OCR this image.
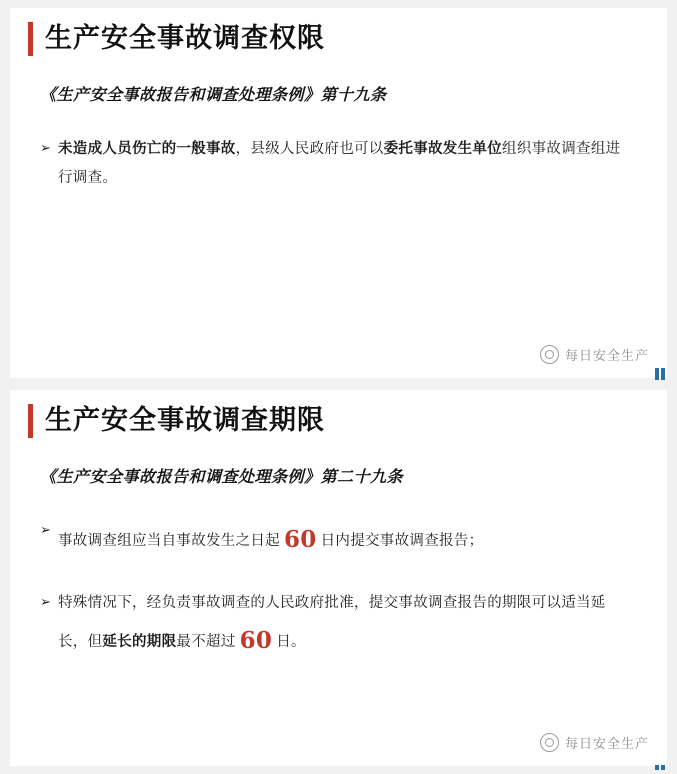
生产安全事故调查权限
《生产安全事故报告和调查处理条例》第十九条
➢ 未造成人员伤亡的一般事故，县级人民政府也可以委托事故发生单位组织事故调查组进行调查。
每日安全生产
生产安全事故调查期限
《生产安全事故报告和调查处理条例》第二十九条
➢
事故调查组应当自事故发生之日起 60 日内提交事故调查报告；
➢ 特殊情况下，经负责事故调查的人民政府批准，提交事故调查报告的期限可以适当延长，但延长的期限最不超过 60 日。
每日安全生产
